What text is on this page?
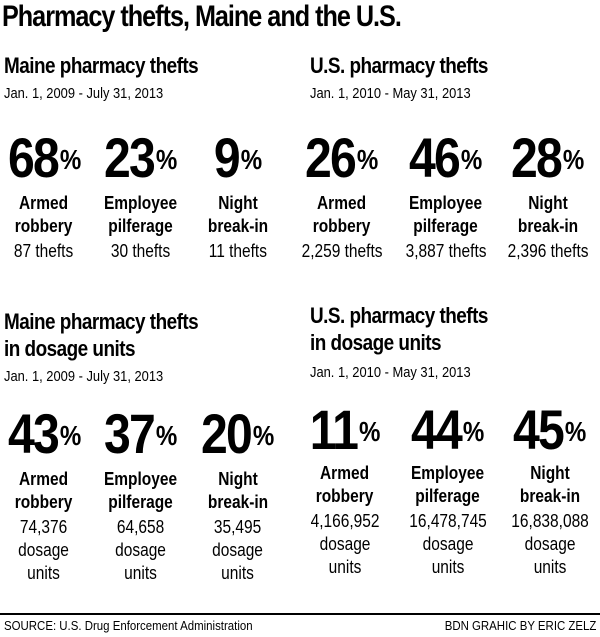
Pharmacy thefts, Maine and the U.S.
Maine pharmacy thefts
Jan. 1, 2009 - July 31, 2013
68%
Armed
robbery
87 thefts
23%
Employee
pilferage
30 thefts
9%
Night
break-in
11 thefts
U.S. pharmacy thefts
Jan. 1, 2010 - May 31, 2013
26%
Armed
robbery
2,259 thefts
46%
Employee
pilferage
3,887 thefts
28%
Night
break-in
2,396 thefts
Maine pharmacy thefts
in dosage units
Jan. 1, 2009 - July 31, 2013
43%
Armed
robbery
74,376
dosage
units
37%
Employee
pilferage
64,658
dosage
units
20%
Night
break-in
35,495
dosage
units
U.S. pharmacy thefts
in dosage units
Jan. 1, 2010 - May 31, 2013
11%
Armed
robbery
4,166,952
dosage
units
44%
Employee
pilferage
16,478,745
dosage
units
45%
Night
break-in
16,838,088
dosage
units
SOURCE: U.S. Drug Enforcement Administration	BDN GRAHIC BY ERIC ZELZ
